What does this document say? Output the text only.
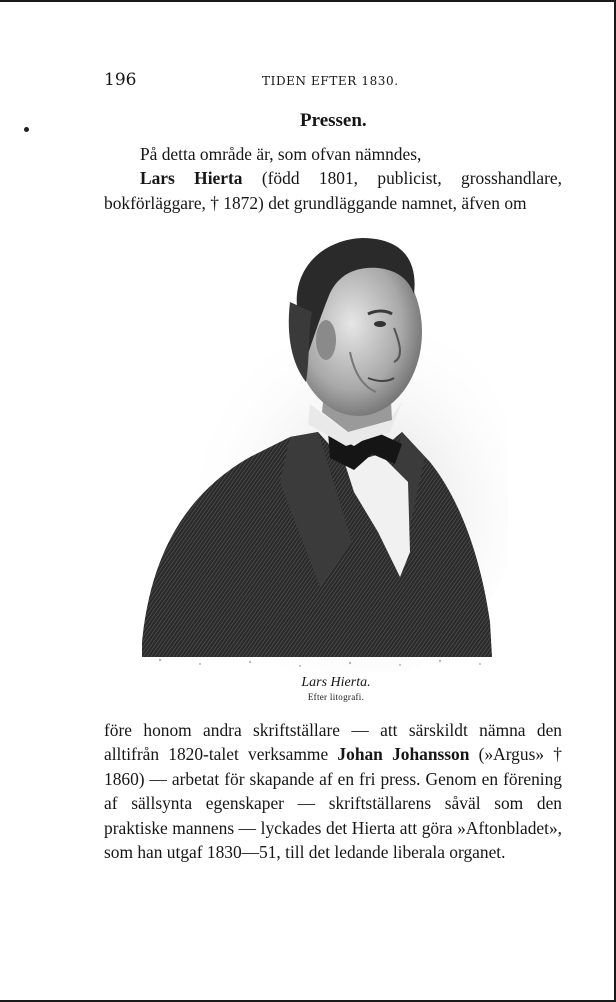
196	TIDEN EFTER 1830.
Pressen.

På detta område är, som ofvan nämndes,

Lars Hierta (född 1801, publicist, grosshandlare, bokförläggare, † 1872) det grundläggande namnet, äfven om

Lars Hierta.
Efter litografi.

före honom andra skriftställare — att särskildt nämna den alltifrån 1820-talet verksamme Johan Johansson (»Argus» † 1860) — arbetat för skapande af en fri press. Genom en förening af sällsynta egenskaper — skriftställarens såväl som den praktiske mannens — lyckades det Hierta att göra »Aftonbladet», som han utgaf 1830—51, till det ledande liberala organet.
